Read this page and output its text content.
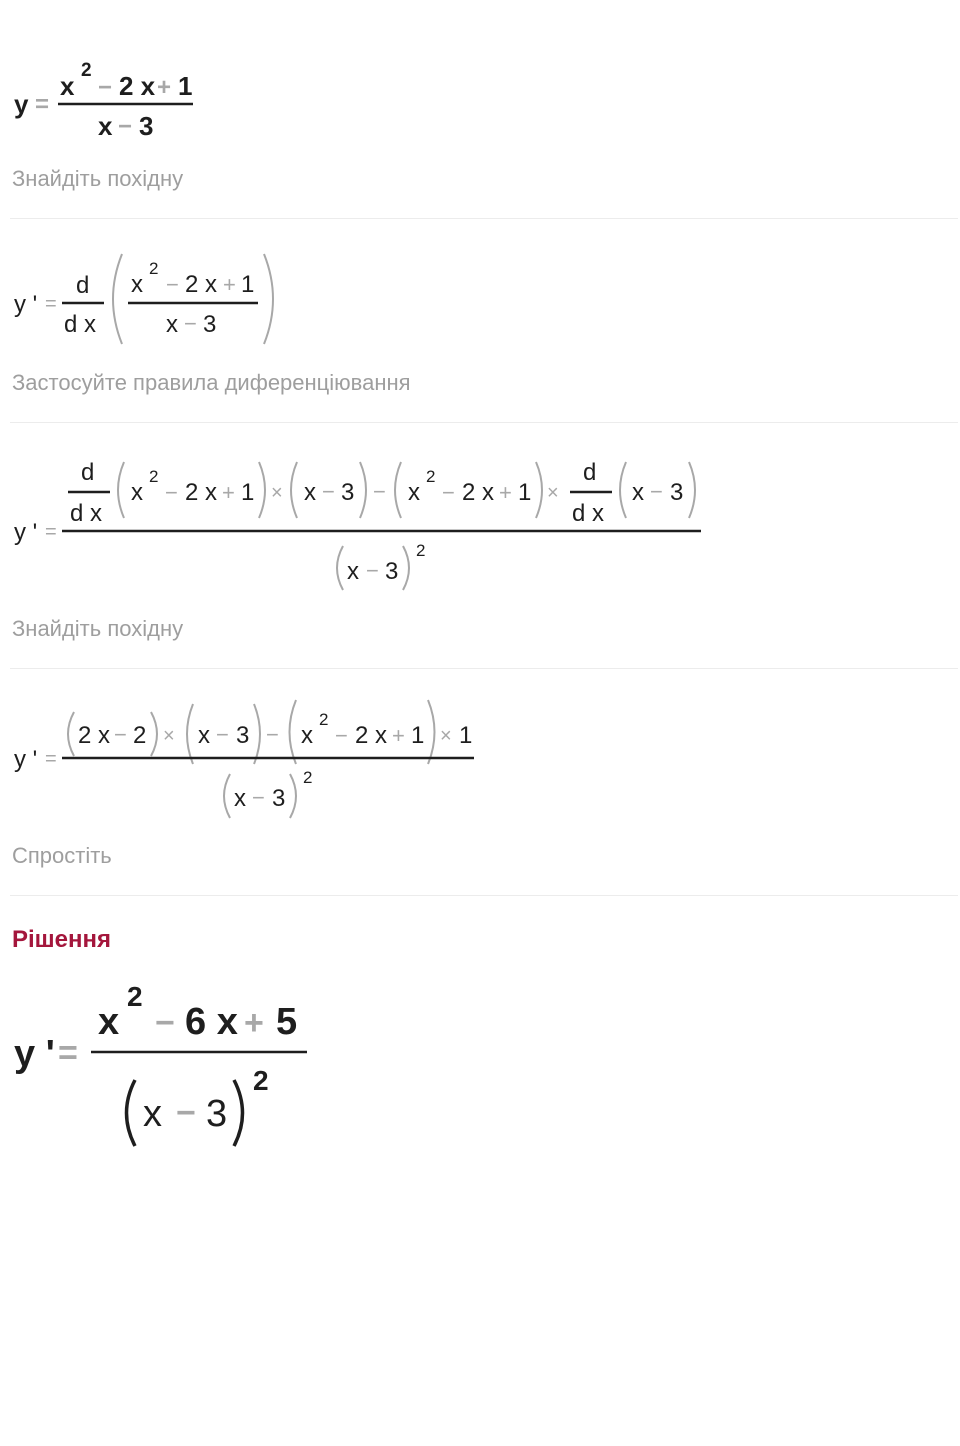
y =
x
2
− 2 x + 1
x − 3
y ' =
d
d x
x
2
− 2 x + 1
x − 3
y ' =
d
d x
x
2
− 2 x + 1 × x − 3 − x
2
− 2 x + 1 ×
d
d x
x − 3
x − 3
2
y ' =
2 x − 2 × x − 3 − x
2
− 2 x + 1 × 1
x − 3
2
y ' =
x
2
− 6 x + 5
x − 3
2
Знайдіть похідну
Застосуйте правила диференціювання
Знайдіть похідну
Спростіть
Рішення
